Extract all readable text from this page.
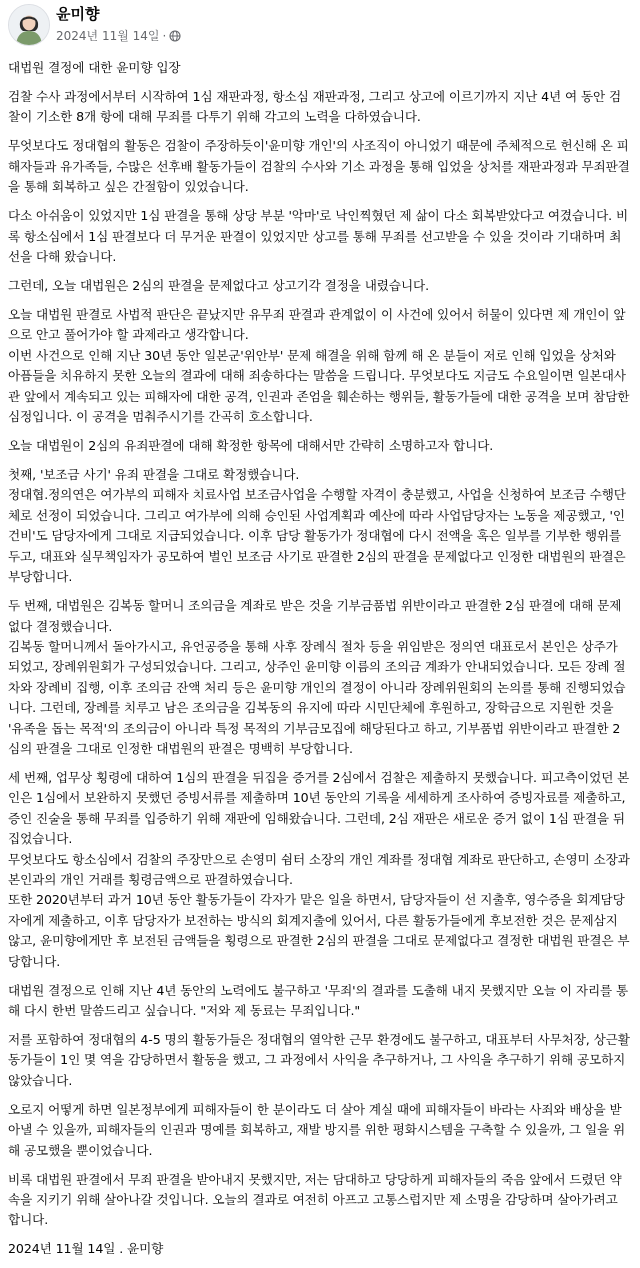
윤미향
2024년 11월 14일 ·

대법원 결정에 대한 윤미향 입장

검찰 수사 과정에서부터 시작하여 1심 재판과정, 항소심 재판과정, 그리고 상고에 이르기까지 지난 4년 여 동안 검찰이 기소한 8개 항에 대해 무죄를 다투기 위해 각고의 노력을 다하였습니다.

무엇보다도 정대협의 활동은 검찰이 주장하듯이'윤미향 개인'의 사조직이 아니었기 때문에 주체적으로 헌신해 온 피해자들과 유가족들, 수많은 선후배 활동가들이 검찰의 수사와 기소 과정을 통해 입었을 상처를 재판과정과 무죄판결을 통해 회복하고 싶은 간절함이 있었습니다.

다소 아쉬움이 있었지만 1심 판결을 통해 상당 부분 '악마'로 낙인찍혔던 제 삶이 다소 회복받았다고 여겼습니다. 비록 항소심에서 1심 판결보다 더 무거운 판결이 있었지만 상고를 통해 무죄를 선고받을 수 있을 것이라 기대하며 최선을 다해 왔습니다.

그런데, 오늘 대법원은 2심의 판결을 문제없다고 상고기각 결정을 내렸습니다.

오늘 대법원 판결로 사법적 판단은 끝났지만 유무죄 판결과 관계없이 이 사건에 있어서 허물이 있다면 제 개인이 앞으로 안고 풀어가야 할 과제라고 생각합니다.
이번 사건으로 인해 지난 30년 동안 일본군'위안부' 문제 해결을 위해 함께 해 온 분들이 저로 인해 입었을 상처와 아픔들을 치유하지 못한 오늘의 결과에 대해 죄송하다는 말씀을 드립니다. 무엇보다도 지금도 수요일이면 일본대사관 앞에서 계속되고 있는 피해자에 대한 공격, 인권과 존엄을 훼손하는 행위들, 활동가들에 대한 공격을 보며 참담한 심정입니다. 이 공격을 멈춰주시기를 간곡히 호소합니다.

오늘 대법원이 2심의 유죄판결에 대해 확정한 항목에 대해서만 간략히 소명하고자 합니다.

첫째, '보조금 사기' 유죄 판결을 그대로 확정했습니다.
정대협.정의연은 여가부의 피해자 치료사업 보조금사업을 수행할 자격이 충분했고, 사업을 신청하여 보조금 수행단체로 선정이 되었습니다. 그리고 여가부에 의해 승인된 사업계획과 예산에 따라 사업담당자는 노동을 제공했고, '인건비'도 담당자에게 그대로 지급되었습니다. 이후 담당 활동가가 정대협에 다시 전액을 혹은 일부를 기부한 행위를 두고, 대표와 실무책임자가 공모하여 벌인 보조금 사기로 판결한 2심의 판결을 문제없다고 인정한 대법원의 판결은 부당합니다.

두 번째, 대법원은 김복동 할머니 조의금을 계좌로 받은 것을 기부금품법 위반이라고 판결한 2심 판결에 대해 문제없다 결정했습니다.
김복동 할머니께서 돌아가시고, 유언공증을 통해 사후 장례식 절차 등을 위임받은 정의연 대표로서 본인은 상주가 되었고, 장례위원회가 구성되었습니다. 그리고, 상주인 윤미향 이름의 조의금 계좌가 안내되었습니다. 모든 장례 절차와 장례비 집행, 이후 조의금 잔액 처리 등은 윤미향 개인의 결정이 아니라 장례위원회의 논의를 통해 진행되었습니다. 그런데, 장례를 치루고 남은 조의금을 김복동의 유지에 따라 시민단체에 후원하고, 장학금으로 지원한 것을 '유족을 돕는 목적'의 조의금이 아니라 특정 목적의 기부금모집에 해당된다고 하고, 기부품법 위반이라고 판결한 2심의 판결을 그대로 인정한 대법원의 판결은 명백히 부당합니다.

세 번째, 업무상 횡령에 대하여 1심의 판결을 뒤집을 증거를 2심에서 검찰은 제출하지 못했습니다. 피고측이었던 본인은 1심에서 보완하지 못했던 증빙서류를 제출하며 10년 동안의 기록을 세세하게 조사하여 증빙자료를 제출하고, 증인 진술을 통해 무죄를 입증하기 위해 재판에 임해왔습니다. 그런데, 2심 재판은 새로운 증거 없이 1심 판결을 뒤집었습니다.
무엇보다도 항소심에서 검찰의 주장만으로 손영미 쉼터 소장의 개인 계좌를 정대협 계좌로 판단하고, 손영미 소장과 본인과의 개인 거래를 횡령금액으로 판결하였습니다.
또한 2020년부터 과거 10년 동안 활동가들이 각자가 맡은 일을 하면서, 담당자들이 선 지출후, 영수증을 회계담당자에게 제출하고, 이후 담당자가 보전하는 방식의 회계지출에 있어서, 다른 활동가들에게 후보전한 것은 문제삼지 않고, 윤미향에게만 후 보전된 금액들을 횡령으로 판결한 2심의 판결을 그대로 문제없다고 결정한 대법원 판결은 부당합니다.

대법원 결정으로 인해 지난 4년 동안의 노력에도 불구하고 '무죄'의 결과를 도출해 내지 못했지만 오늘 이 자리를 통해 다시 한번 말씀드리고 싶습니다. "저와 제 동료는 무죄입니다."

저를 포함하여 정대협의 4-5 명의 활동가들은 정대협의 열악한 근무 환경에도 불구하고, 대표부터 사무처장, 상근활동가들이 1인 몇 역을 감당하면서 활동을 했고, 그 과정에서 사익을 추구하거나, 그 사익을 추구하기 위해 공모하지 않았습니다.

오로지 어떻게 하면 일본정부에게 피해자들이 한 분이라도 더 살아 계실 때에 피해자들이 바라는 사죄와 배상을 받아낼 수 있을까, 피해자들의 인권과 명예를 회복하고, 재발 방지를 위한 평화시스템을 구축할 수 있을까, 그 일을 위해 공모했을 뿐이었습니다.

비록 대법원 판결에서 무죄 판결을 받아내지 못했지만, 저는 담대하고 당당하게 피해자들의 죽음 앞에서 드렸던 약속을 지키기 위해 살아나갈 것입니다. 오늘의 결과로 여전히 아프고 고통스럽지만 제 소명을 감당하며 살아가려고 합니다.

2024년 11월 14일 . 윤미향
